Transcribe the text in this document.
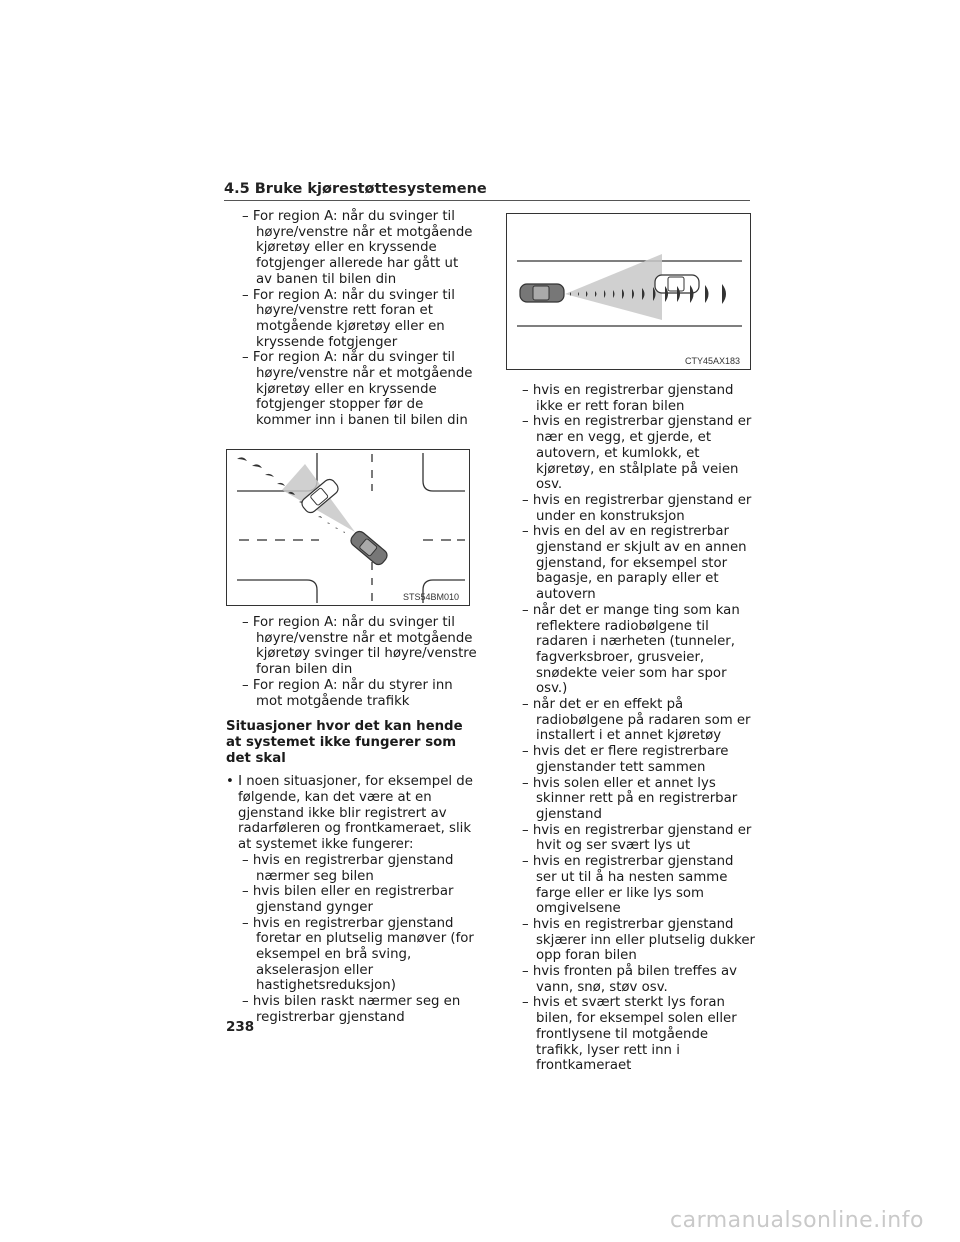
4.5 Bruke kjørestøttesystemene

– For region A: når du svinger til høyre/venstre når et motgående kjøretøy eller en kryssende fotgjenger allerede har gått ut av banen til bilen din

– For region A: når du svinger til høyre/venstre rett foran et motgående kjøretøy eller en kryssende fotgjenger

– For region A: når du svinger til høyre/venstre når et motgående kjøretøy eller en kryssende fotgjenger stopper før de kommer inn i banen til bilen din

STS54BM010

– For region A: når du svinger til høyre/venstre når et motgående kjøretøy svinger til høyre/venstre foran bilen din

– For region A: når du styrer inn mot motgående trafikk

Situasjoner hvor det kan hende at systemet ikke fungerer som det skal

• I noen situasjoner, for eksempel de følgende, kan det være at en gjenstand ikke blir registrert av radarføleren og frontkameraet, slik at systemet ikke fungerer:

– hvis en registrerbar gjenstand nærmer seg bilen

– hvis bilen eller en registrerbar gjenstand gynger

– hvis en registrerbar gjenstand foretar en plutselig manøver (for eksempel en brå sving, akselerasjon eller hastighetsreduksjon)

– hvis bilen raskt nærmer seg en registrerbar gjenstand

CTY45AX183

– hvis en registrerbar gjenstand ikke er rett foran bilen

– hvis en registrerbar gjenstand er nær en vegg, et gjerde, et autovern, et kumlokk, et kjøretøy, en stålplate på veien osv.

– hvis en registrerbar gjenstand er under en konstruksjon

– hvis en del av en registrerbar gjenstand er skjult av en annen gjenstand, for eksempel stor bagasje, en paraply eller et autovern

– når det er mange ting som kan reflektere radiobølgene til radaren i nærheten (tunneler, fagverksbroer, grusveier, snødekte veier som har spor osv.)

– når det er en effekt på radiobølgene på radaren som er installert i et annet kjøretøy

– hvis det er flere registrerbare gjenstander tett sammen

– hvis solen eller et annet lys skinner rett på en registrerbar gjenstand

– hvis en registrerbar gjenstand er hvit og ser svært lys ut

– hvis en registrerbar gjenstand ser ut til å ha nesten samme farge eller er like lys som omgivelsene

– hvis en registrerbar gjenstand skjærer inn eller plutselig dukker opp foran bilen

– hvis fronten på bilen treffes av vann, snø, støv osv.

– hvis et svært sterkt lys foran bilen, for eksempel solen eller frontlysene til motgående trafikk, lyser rett inn i frontkameraet

238
carmanualsonline.info
